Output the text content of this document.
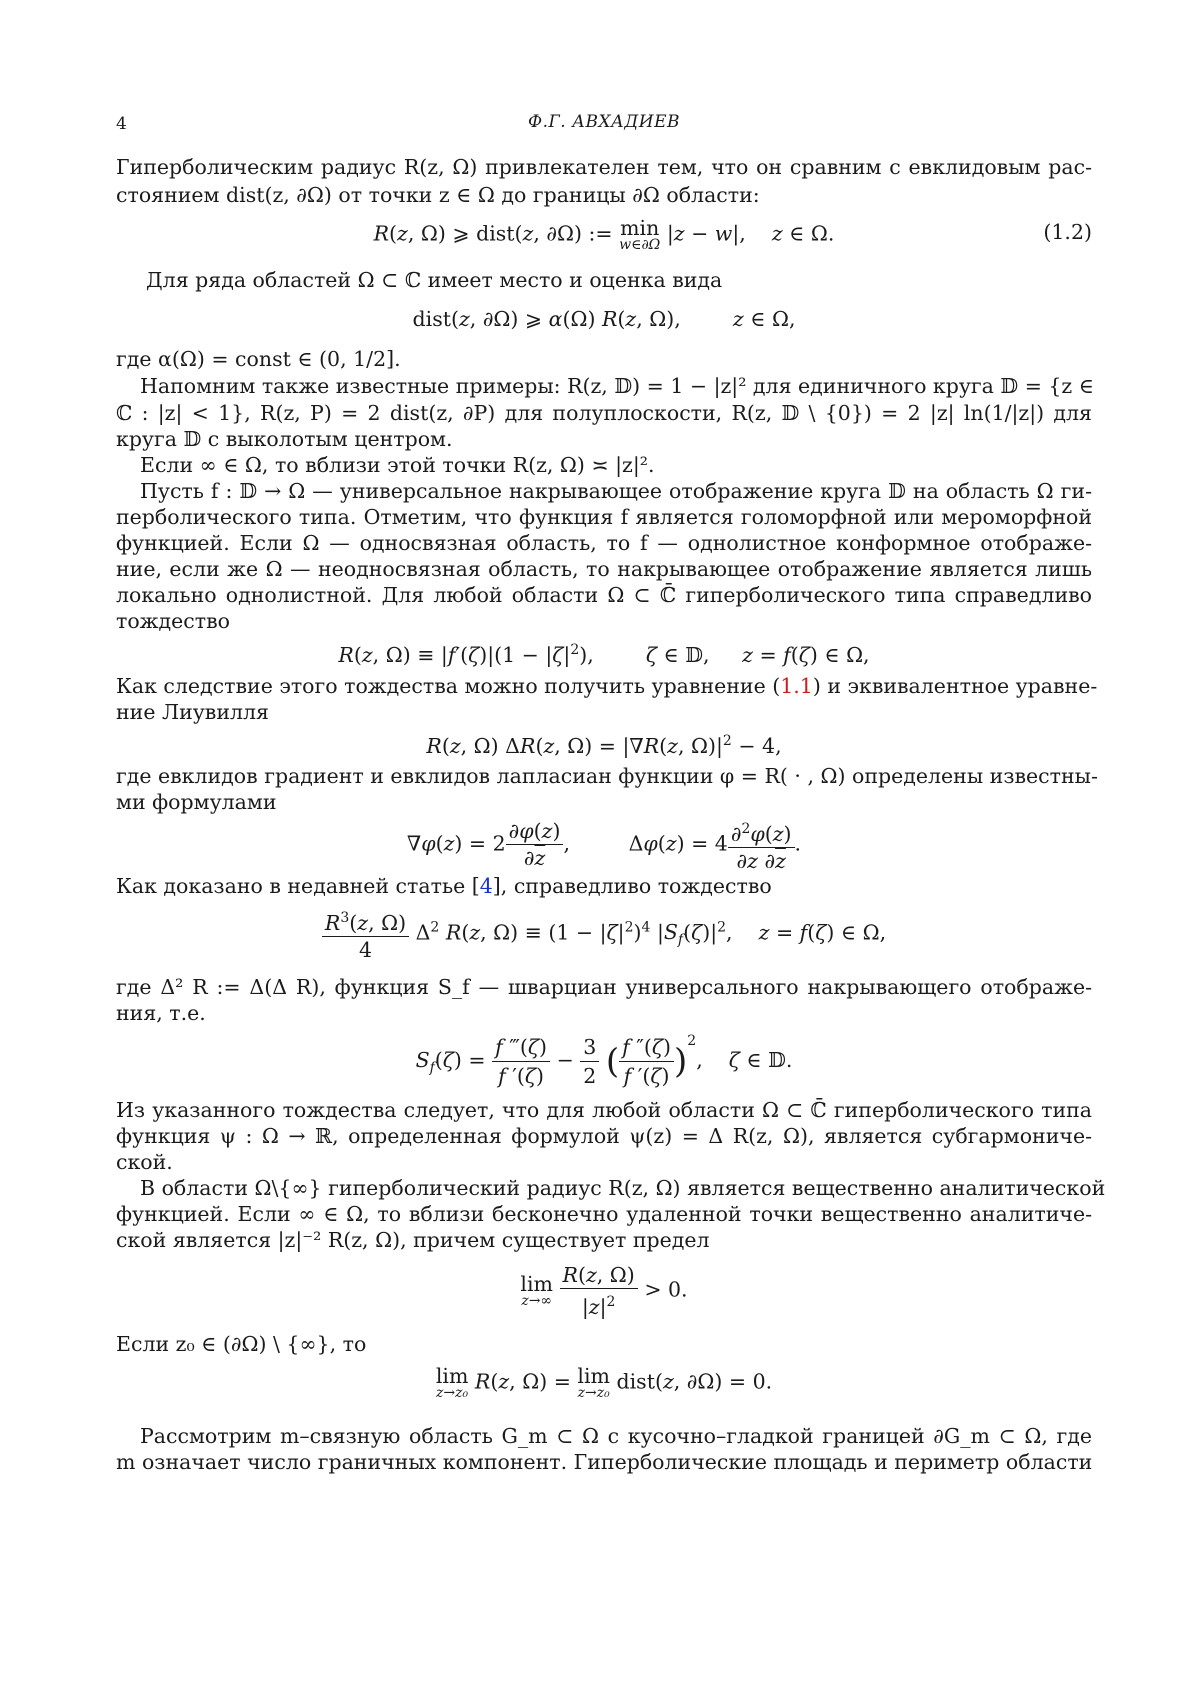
4	Ф.Г. АВХАДИЕВ
Гиперболическим радиус R(z, Ω) привлекателен тем, что он сравним с евклидовым рас-
стоянием dist(z, ∂Ω) от точки z ∈ Ω до границы ∂Ω области:
R(z, Ω) ⩾ dist(z, ∂Ω) := min
w∈∂Ω |z − w|,    z ∈ Ω.	(1.2)
Для ряда областей Ω ⊂ ℂ имеет место и оценка вида
dist(z, ∂Ω) ⩾ α(Ω) R(z, Ω),        z ∈ Ω,
где α(Ω) = const ∈ (0, 1/2].
Напомним также известные примеры: R(z, 𝔻) = 1 − |z|² для единичного круга 𝔻 = {z ∈
ℂ : |z| < 1}, R(z, P) = 2 dist(z, ∂P) для полуплоскости, R(z, 𝔻 \ {0}) = 2 |z| ln(1/|z|) для
круга 𝔻 с выколотым центром.
Если ∞ ∈ Ω, то вблизи этой точки R(z, Ω) ≍ |z|².
Пусть f : 𝔻 → Ω — универсальное накрывающее отображение круга 𝔻 на область Ω ги-
перболического типа. Отметим, что функция f является голоморфной или мероморфной
функцией. Если Ω — односвязная область, то f — однолистное конформное отображе-
ние, если же Ω — неодносвязная область, то накрывающее отображение является лишь
локально однолистной. Для любой области Ω ⊂ ℂ̄ гиперболического типа справедливо
тождество
R(z, $\Omega) \equiv |f'(\zeta)|(1 - |\zeta|^2)$,        ζ ∈ 𝔻,     z = f(ζ) ∈ Ω,
Как следствие этого тождества можно получить уравнение (1.1) и эквивалентное уравне-
ние Лиувилля
R(z, Ω) ΔR(z, Ω) = |∇R(z, $\Omega)|^2 - 4$,
где евклидов градиент и евклидов лапласиан функции φ = R( · , Ω) определены известны-
ми формулами
$\nabla\varphi(z) = 2 \frac{\partial\varphi(z)}{\partial\overline{z}}$ ,         $\Delta\varphi(z) = 4 \frac{\partial^2\varphi(z)}{\partial z \partial\overline{z}}$ .
Как доказано в недавней статье [4], справедливо тождество
$\frac{R^3(z, \Omega)}{4} \Delta^2$ R(z, $\Omega) \equiv (1 - |\zeta|^2)^4$ $|S_f(\zeta)|^2$,    z = f(ζ) ∈ Ω,
где Δ² R := Δ(Δ R), функция S_f — шварциан универсального накрывающего отображе-
ния, т.е.
$S_f(\zeta) = \frac{f ‴(\zeta)}{f '(\zeta)} - \frac{3}{2}$ ( $\frac{f ''(\zeta)}{f '(\zeta)} )^2$,    ζ ∈ 𝔻.
Из указанного тождества следует, что для любой области Ω ⊂ ℂ̄ гиперболического типа
функция ψ : Ω → ℝ, определенная формулой ψ(z) = Δ R(z, Ω), является субгармониче-
ской.
В области Ω\{∞} гиперболический радиус R(z, Ω) является вещественно аналитической
функцией. Если ∞ ∈ Ω, то вблизи бесконечно удаленной точки вещественно аналитиче-
ской является |z|⁻² R(z, Ω), причем существует предел
lim
z→∞
$\frac{R(z, \Omega)}{|z|^2} > 0$.
Если z₀ ∈ (∂Ω) \ {∞}, то
lim
z→z₀ R(z, Ω) = lim
z→z₀ dist(z, ∂Ω) = 0.
Рассмотрим m–связную область G_m ⊂ Ω с кусочно–гладкой границей ∂G_m ⊂ Ω, где
m означает число граничных компонент. Гиперболические площадь и периметр области
